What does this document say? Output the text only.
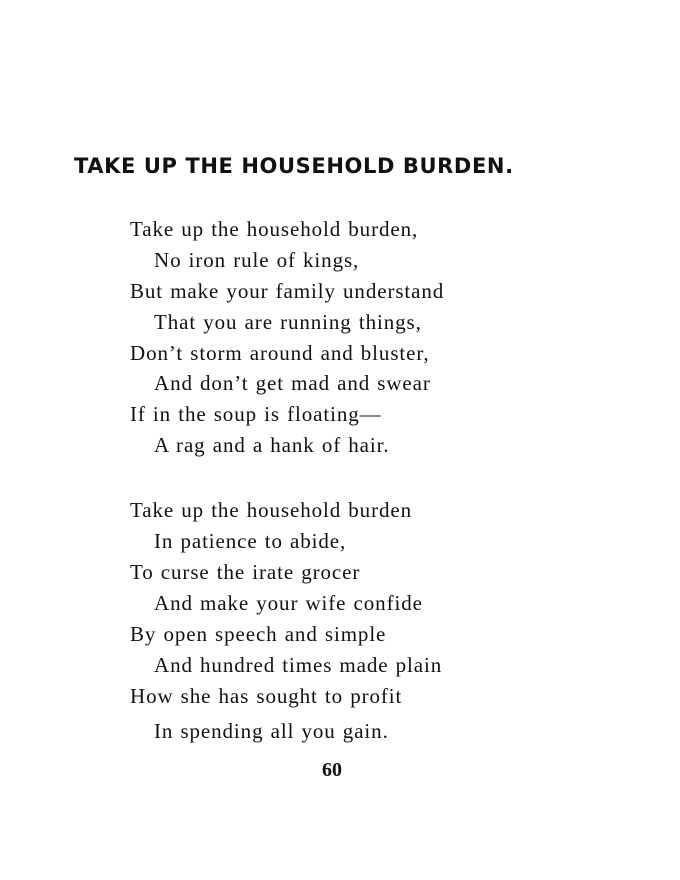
TAKE UP THE HOUSEHOLD BURDEN.
Take up the household burden,
No iron rule of kings,
But make your family understand
That you are running things,
Don’t storm around and bluster,
And don’t get mad and swear
If in the soup is floating—
A rag and a hank of hair.
Take up the household burden
In patience to abide,
To curse the irate grocer
And make your wife confide
By open speech and simple
And hundred times made plain
How she has sought to profit
In spending all you gain.
60
